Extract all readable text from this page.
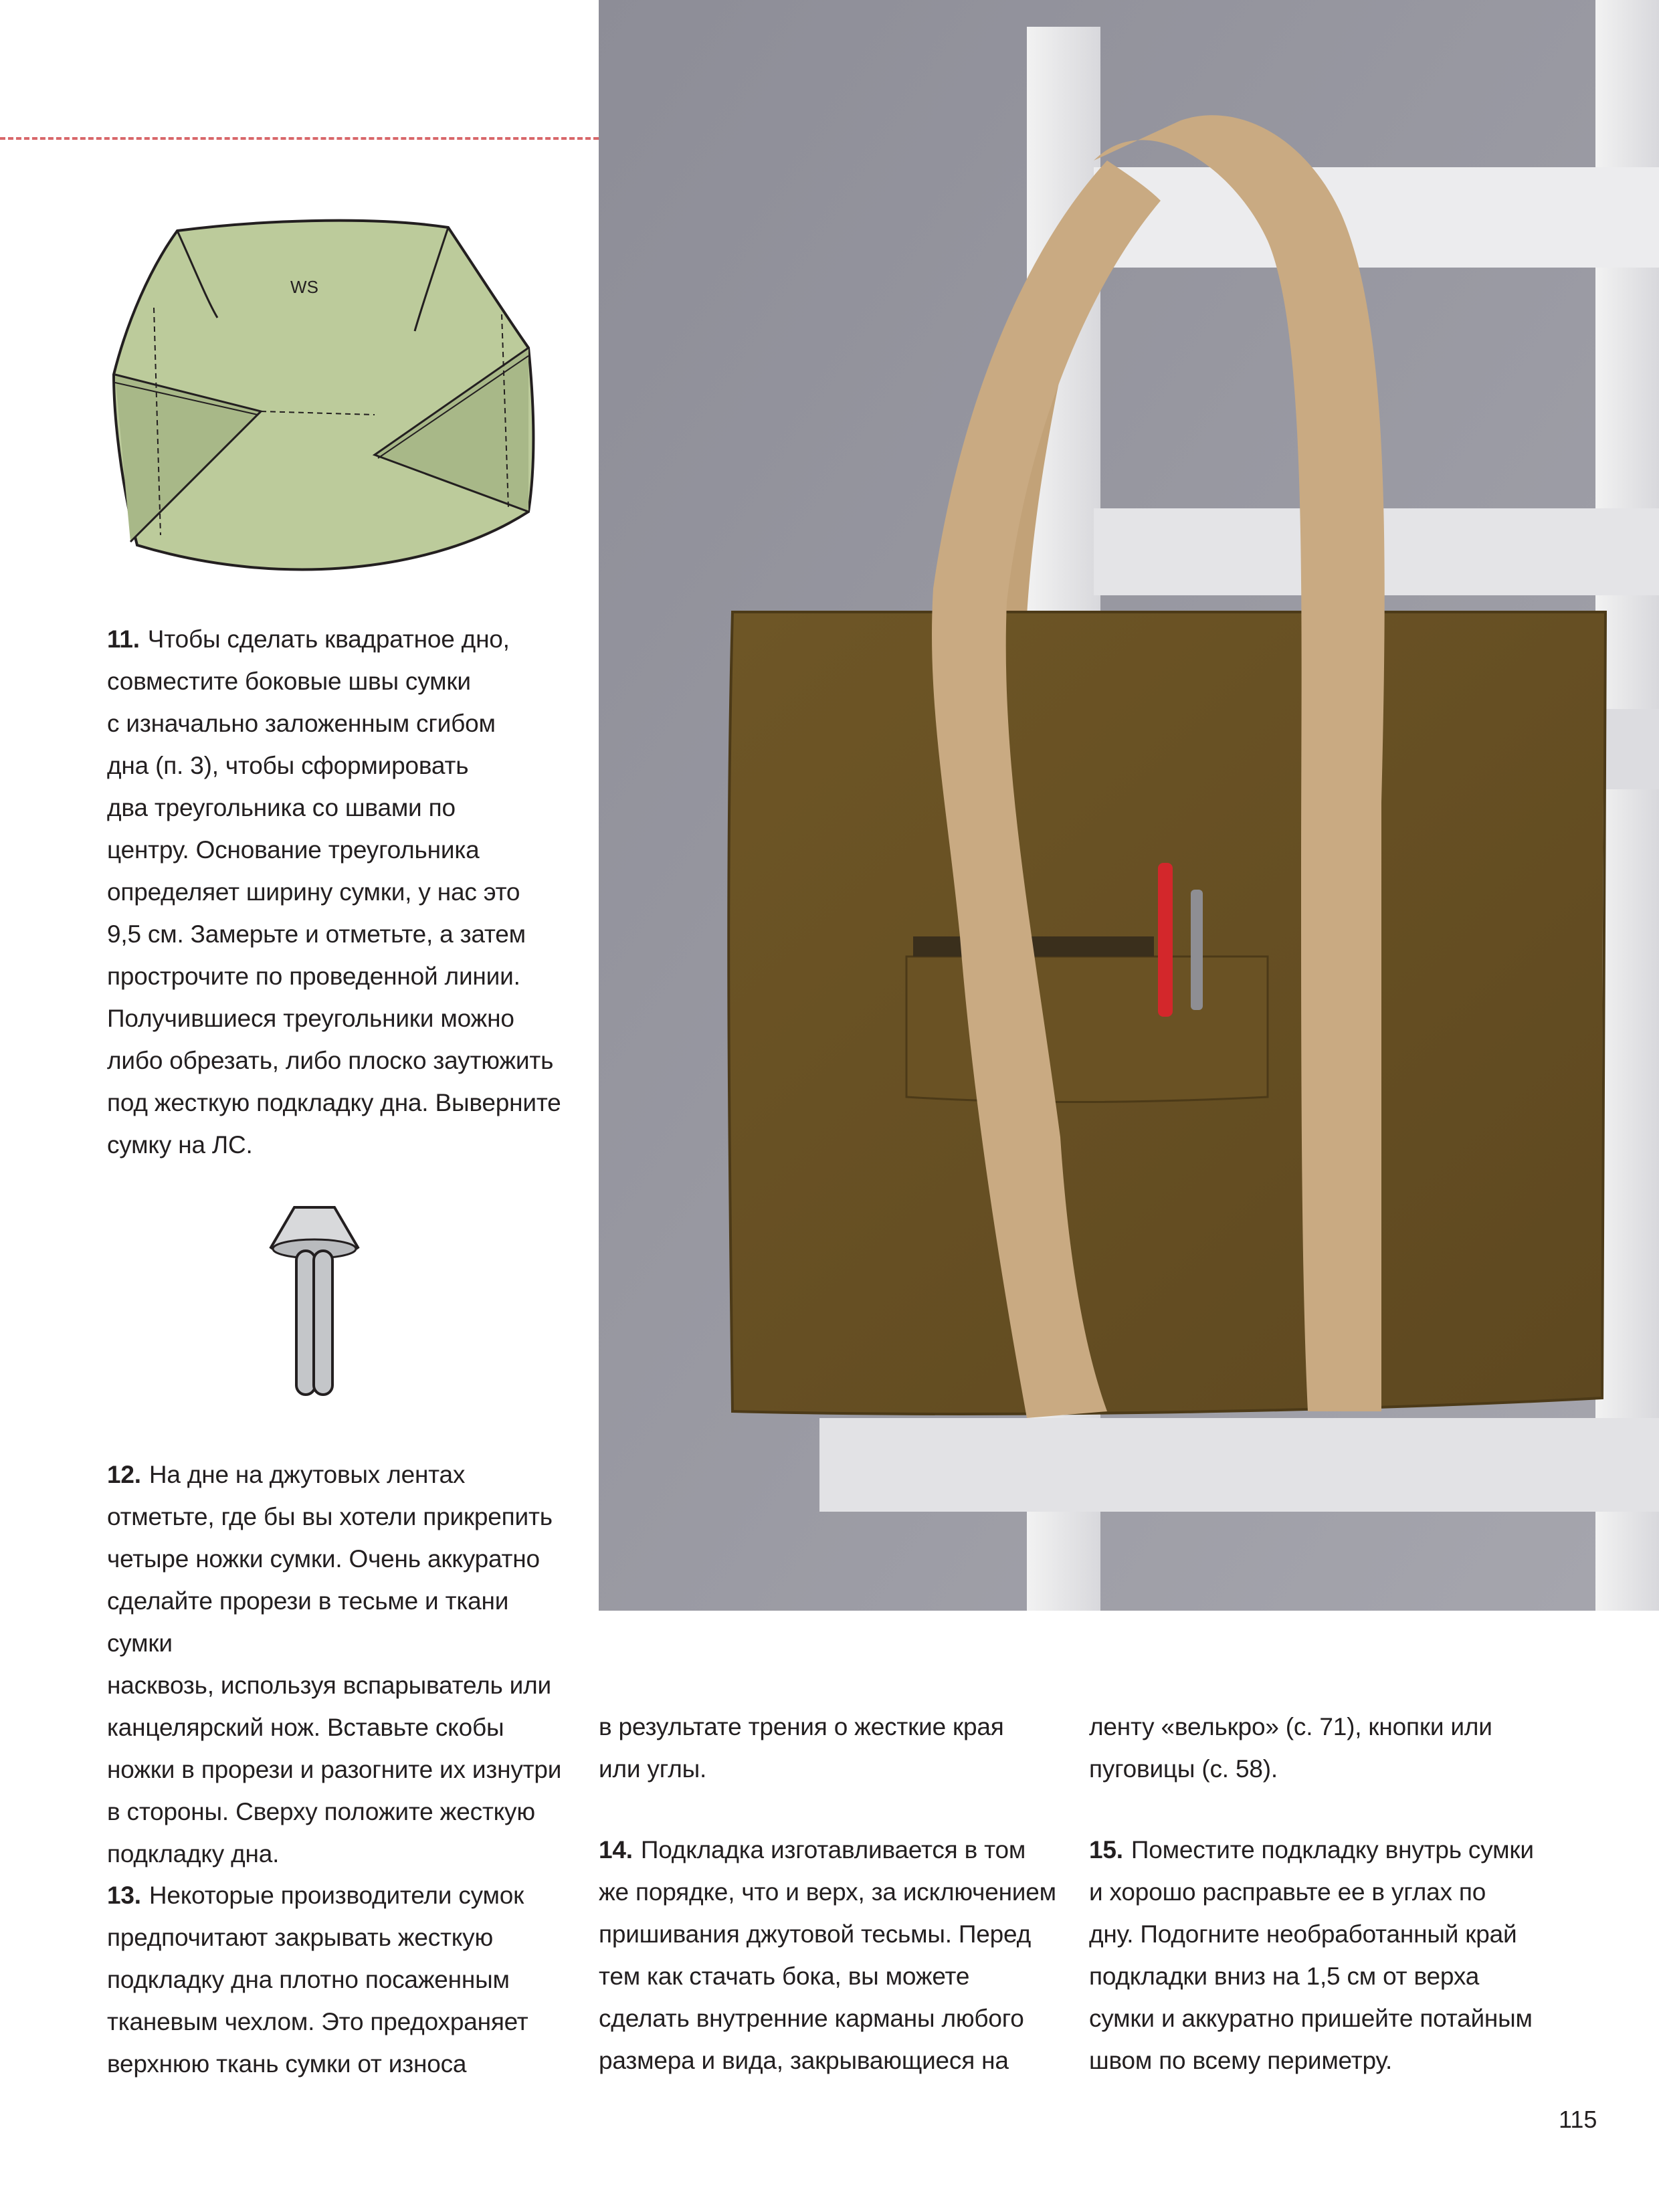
WS

11. Чтобы сделать квадратное дно,

совместите боковые швы сумки

с изначально заложенным сгибом

дна (п. 3), чтобы сформировать

два треугольника со швами по

центру. Основание треугольника

определяет ширину сумки, у нас это

9,5 см. Замерьте и отметьте, а затем

прострочите по проведенной линии.

Получившиеся треугольники можно

либо обрезать, либо плоско заутюжить

под жесткую подкладку дна. Выверните

сумку на ЛС.

12. На дне на джутовых лентах

отметьте, где бы вы хотели прикрепить

четыре ножки сумки. Очень аккуратно

сделайте прорези в тесьме и ткани сумки

насквозь, используя вспарыватель или

канцелярский нож. Вставьте скобы

ножки в прорези и разогните их изнутри

в стороны. Сверху положите жесткую

подкладку дна.

13. Некоторые производители сумок

предпочитают закрывать жесткую

подкладку дна плотно посаженным

тканевым чехлом. Это предохраняет

верхнюю ткань сумки от износа

в результате трения о жесткие края

или углы.

14. Подкладка изготавливается в том

же порядке, что и верх, за исключением

пришивания джутовой тесьмы. Перед

тем как стачать бока, вы можете

сделать внутренние карманы любого

размера и вида, закрывающиеся на

ленту «велькро» (с. 71), кнопки или

пуговицы (с. 58).

15. Поместите подкладку внутрь сумки

и хорошо расправьте ее в углах по

дну. Подогните необработанный край

подкладки вниз на 1,5 см от верха

сумки и аккуратно пришейте потайным

швом по всему периметру.

115
